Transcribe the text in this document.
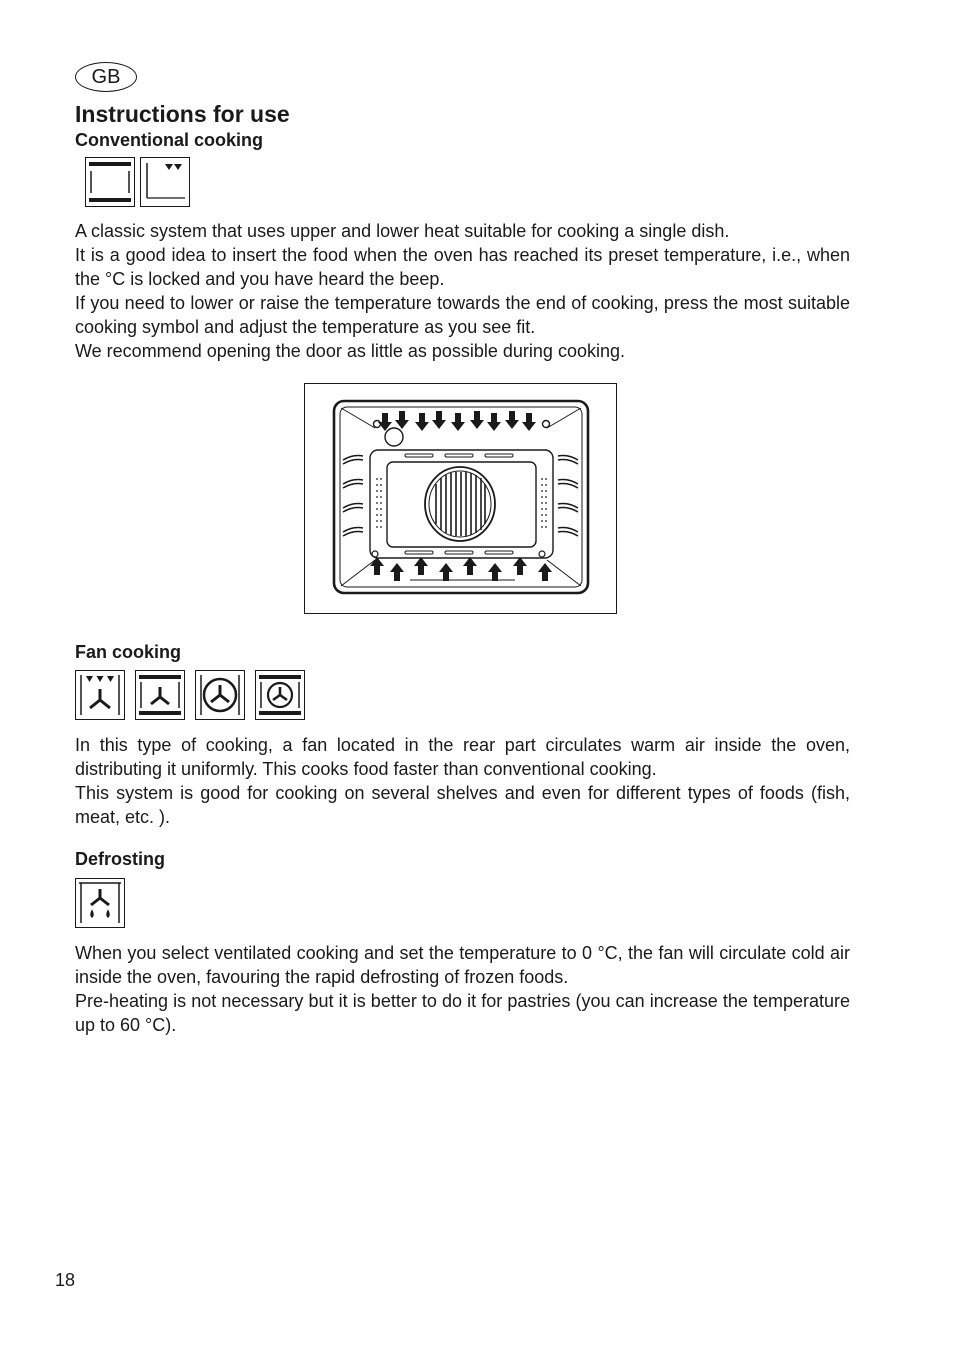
GB
Instructions for use
Conventional cooking

A classic system that uses upper and lower heat suitable for cooking a single dish.

It is a good idea to insert the food when the oven has reached its preset temperature, i.e., when the °C is locked and you have heard the beep.

If you need to lower or raise the temperature towards the end of cooking, press the most suitable cooking symbol and adjust the temperature as you see fit.

We recommend opening the door as little as possible during cooking.

Fan cooking

In this type of cooking, a fan located in the rear part circulates warm air inside the oven, distributing it uniformly. This cooks food faster than conventional cooking.

This system is good for cooking on several shelves and even for different types of foods (fish, meat, etc. ).

Defrosting

When you select ventilated cooking and set the temperature to 0 °C, the fan will circulate cold air inside the oven, favouring the rapid defrosting of frozen foods.

Pre-heating is not necessary but it is better to do it for pastries (you can increase the temperature up to 60 °C).

18
